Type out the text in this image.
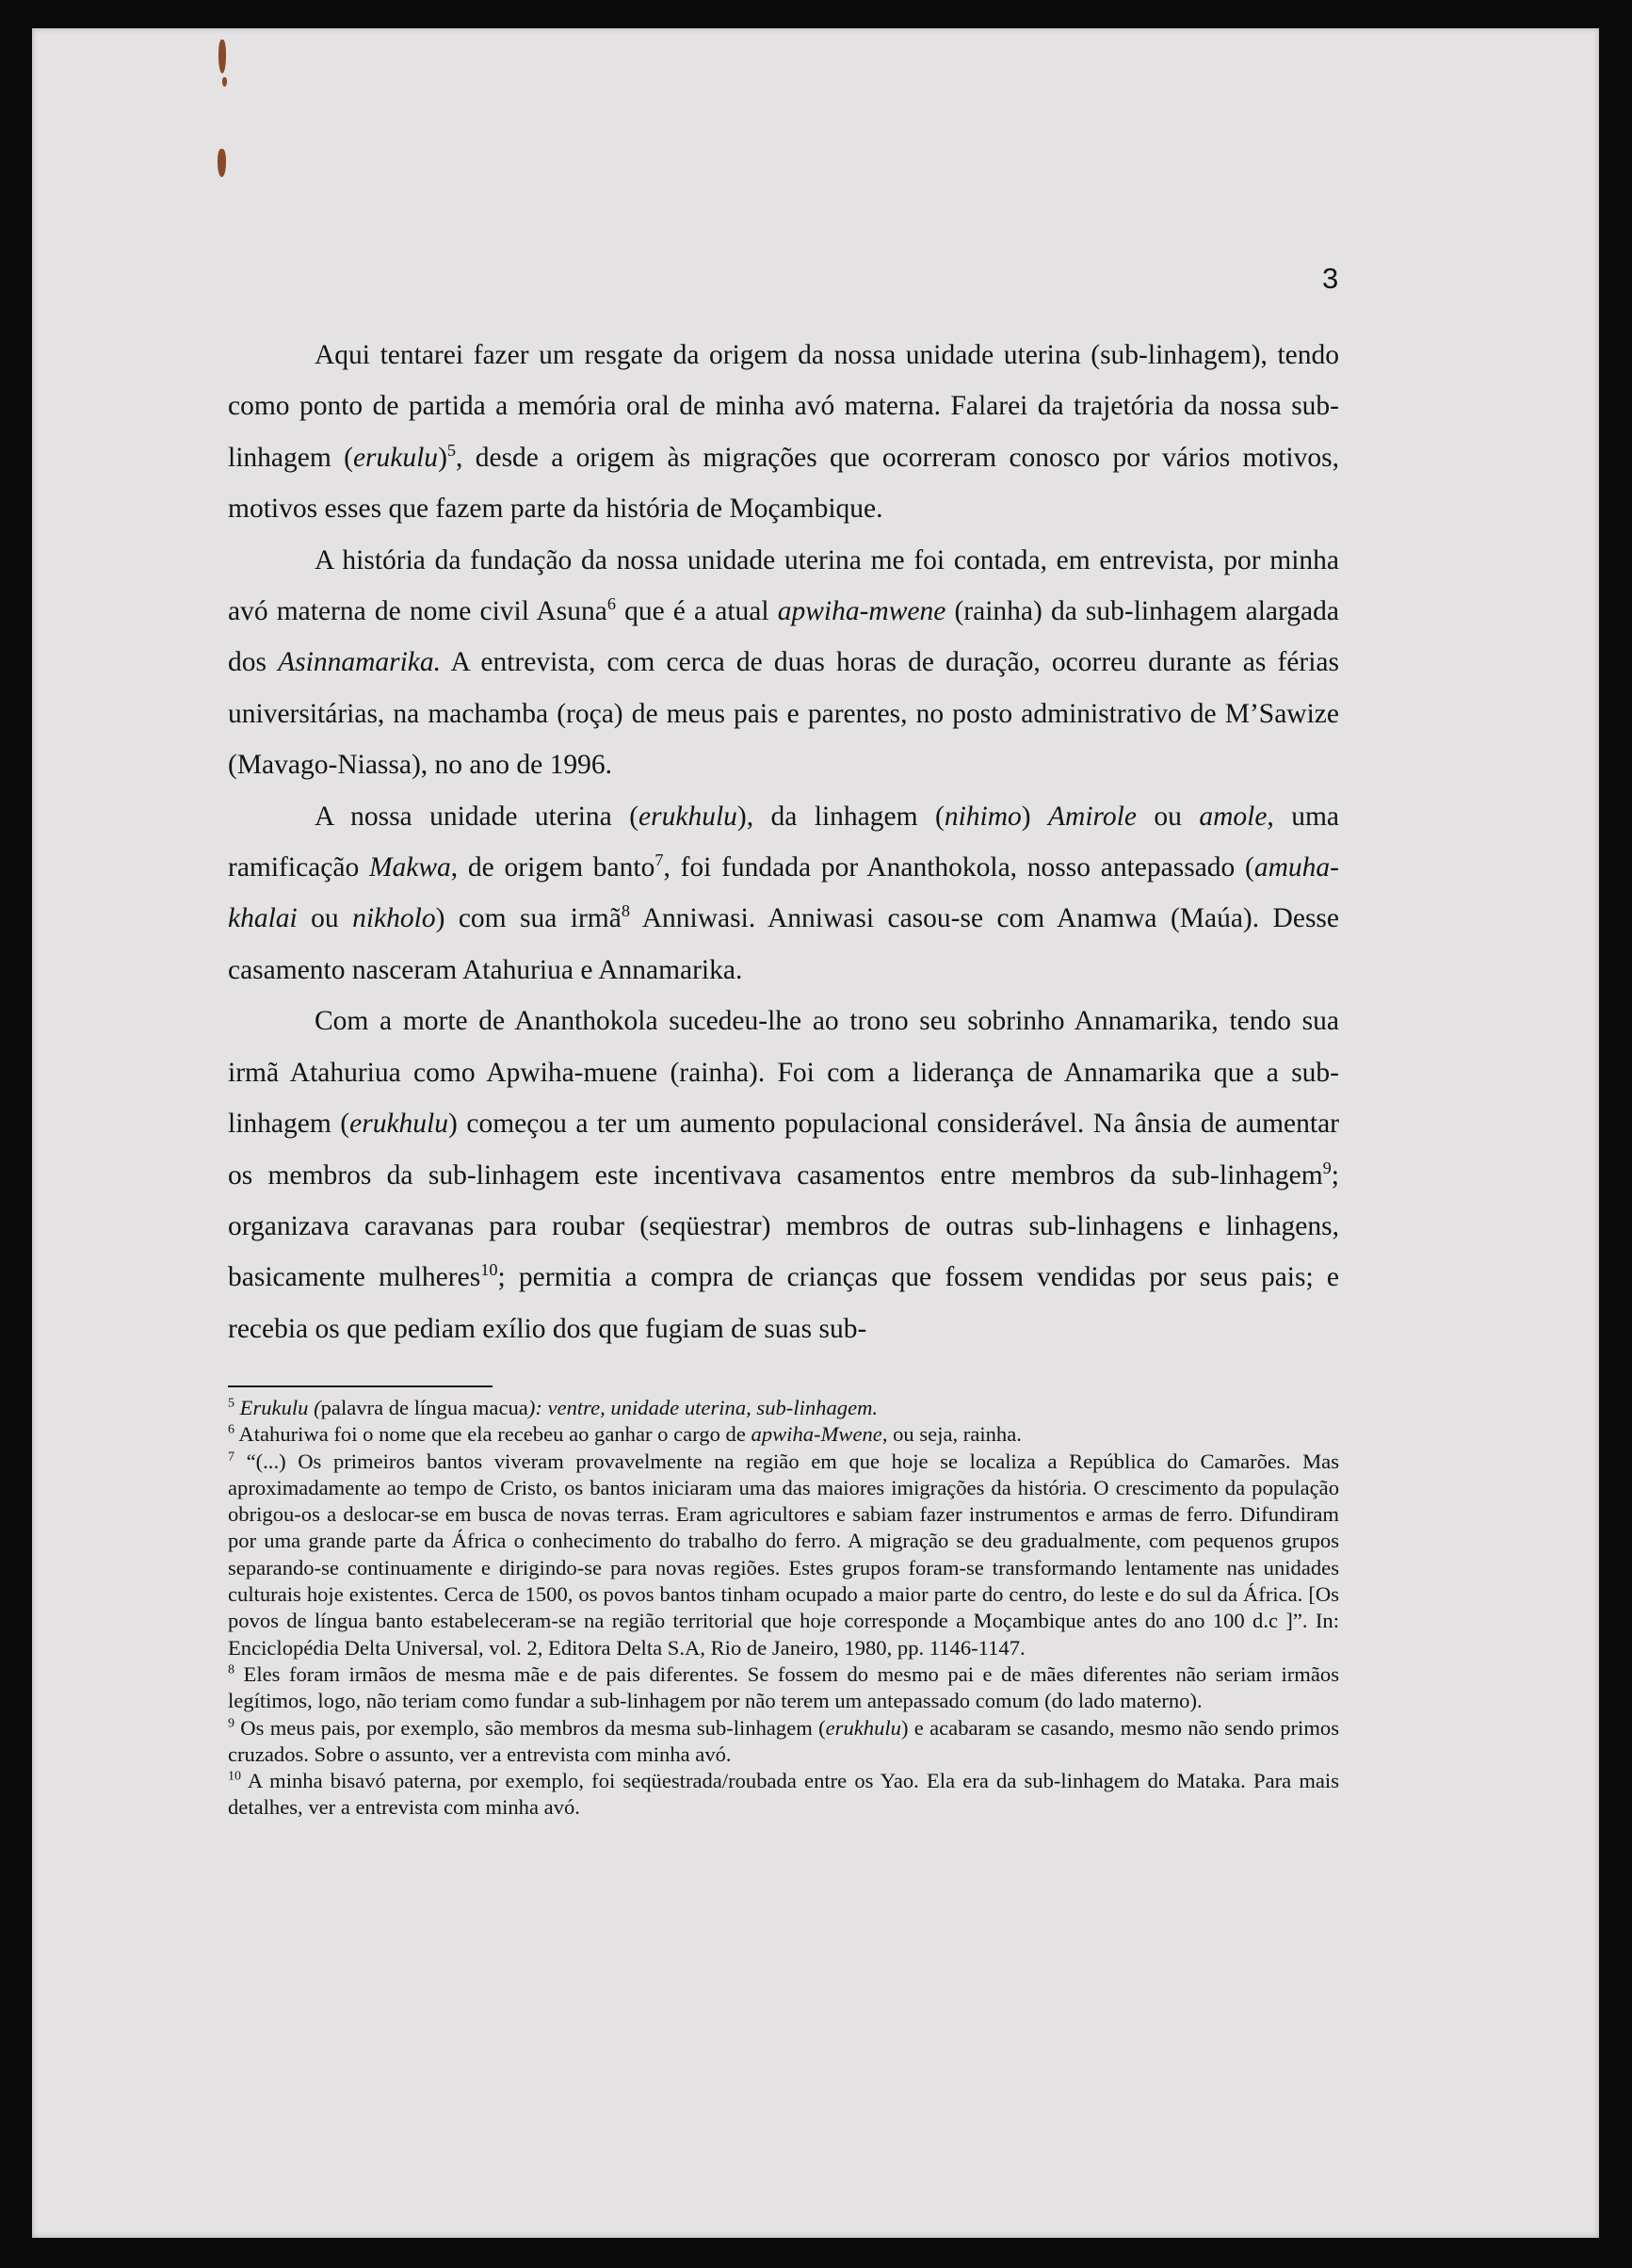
3

Aqui tentarei fazer um resgate da origem da nossa unidade uterina (sub-linhagem), tendo como ponto de partida a memória oral de minha avó materna. Falarei da trajetória da nossa sub-linhagem (erukulu)$^5$, desde a origem às migrações que ocorreram conosco por vários motivos, motivos esses que fazem parte da história de Moçambique.

A história da fundação da nossa unidade uterina me foi contada, em entrevista, por minha avó materna de nome civil Asuna$^6$ que é a atual apwiha-mwene (rainha) da sub-linhagem alargada dos Asinnamarika. A entrevista, com cerca de duas horas de duração, ocorreu durante as férias universitárias, na machamba (roça) de meus pais e parentes, no posto administrativo de M’Sawize (Mavago-Niassa), no ano de 1996.

A nossa unidade uterina (erukhulu), da linhagem (nihimo) Amirole ou amole, uma ramificação Makwa, de origem banto$^7$, foi fundada por Ananthokola, nosso antepassado (amuha-khalai ou nikholo) com sua irmã$^8$ Anniwasi. Anniwasi casou-se com Anamwa (Maúa). Desse casamento nasceram Atahuriua e Annamarika.

Com a morte de Ananthokola sucedeu-lhe ao trono seu sobrinho Annamarika, tendo sua irmã Atahuriua como Apwiha-muene (rainha). Foi com a liderança de Annamarika que a sub-linhagem (erukhulu) começou a ter um aumento populacional considerável. Na ânsia de aumentar os membros da sub-linhagem este incentivava casamentos entre membros da sub-linhagem$^9$; organizava caravanas para roubar (seqüestrar) membros de outras sub-linhagens e linhagens, basicamente mulheres$^{10}$; permitia a compra de crianças que fossem vendidas por seus pais; e recebia os que pediam exílio dos que fugiam de suas sub-

$^5$ Erukulu (palavra de língua macua): ventre, unidade uterina, sub-linhagem.

$^6$ Atahuriwa foi o nome que ela recebeu ao ganhar o cargo de apwiha-Mwene, ou seja, rainha.

$^7$ “(...) Os primeiros bantos viveram provavelmente na região em que hoje se localiza a República do Camarões. Mas aproximadamente ao tempo de Cristo, os bantos iniciaram uma das maiores imigrações da história. O crescimento da população obrigou-os a deslocar-se em busca de novas terras. Eram agricultores e sabiam fazer instrumentos e armas de ferro. Difundiram por uma grande parte da África o conhecimento do trabalho do ferro. A migração se deu gradualmente, com pequenos grupos separando-se continuamente e dirigindo-se para novas regiões. Estes grupos foram-se transformando lentamente nas unidades culturais hoje existentes. Cerca de 1500, os povos bantos tinham ocupado a maior parte do centro, do leste e do sul da África. [Os povos de língua banto estabeleceram-se na região territorial que hoje corresponde a Moçambique antes do ano 100 d.c ]”. In: Enciclopédia Delta Universal, vol. 2, Editora Delta S.A, Rio de Janeiro, 1980, pp. 1146-1147.

$^8$ Eles foram irmãos de mesma mãe e de pais diferentes. Se fossem do mesmo pai e de mães diferentes não seriam irmãos legítimos, logo, não teriam como fundar a sub-linhagem por não terem um antepassado comum (do lado materno).

$^9$ Os meus pais, por exemplo, são membros da mesma sub-linhagem (erukhulu) e acabaram se casando, mesmo não sendo primos cruzados. Sobre o assunto, ver a entrevista com minha avó.

$^{10}$ A minha bisavó paterna, por exemplo, foi seqüestrada/roubada entre os Yao. Ela era da sub-linhagem do Mataka. Para mais detalhes, ver a entrevista com minha avó.
